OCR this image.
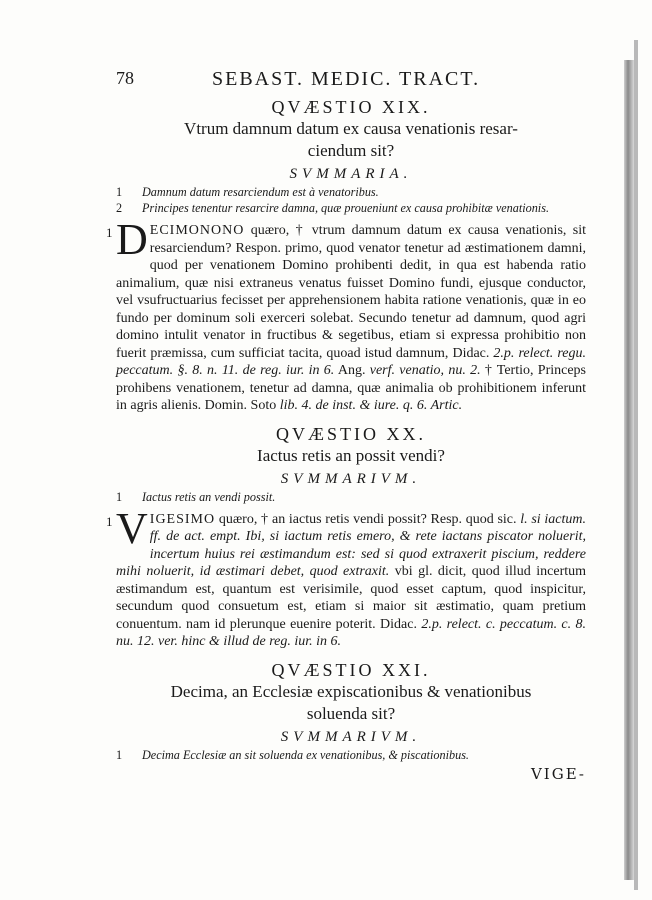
78	SEBAST. MEDIC. TRACT.
QVÆSTIO XIX.
Vtrum damnum datum ex causa venationis resar-
ciendum sit?
SVMMARIA.
1 Damnum datum resarciendum est à venatoribus.
2 Principes tenentur resarcire damna, quæ proueniunt ex causa prohibitæ venationis.
1 D ECIMONONO quæro, † vtrum damnum datum ex causa venationis, sit resarciendum? Respon. primo, quod venator tenetur ad æstimationem damni, quod per venationem Domino prohibenti dedit, in qua est habenda ratio animalium, quæ nisi extraneus venatus fuisset Domino fundi, ejusque conductor, vel vsufructuarius fecisset per apprehensionem habita ratione venationis, quæ in eo fundo per dominum soli exerceri solebat. Secundo tenetur ad damnum, quod agri domino intulit venator in fructibus & segetibus, etiam si expressa prohibitio non fuerit præmissa, cum sufficiat tacita, quoad istud damnum, Didac. 2.p. relect. regu. peccatum. §. 8. n. 11. de reg. iur. in 6. Ang. verf. venatio, nu. 2. † Tertio, Princeps prohibens venationem, tenetur ad damna, quæ animalia ob prohibitionem inferunt in agris alienis. Domin. Soto lib. 4. de inst. & iure. q. 6. Artic.
QVÆSTIO XX.
Iactus retis an possit vendi?
SVMMARIVM.
1 Iactus retis an vendi possit.
1 V IGESIMO quæro, † an iactus retis vendi possit? Resp. quod sic. l. si iactum. ff. de act. empt. Ibi, si iactum retis emero, & rete iactans piscator noluerit, incertum huius rei æstimandum est: sed si quod extraxerit piscium, reddere mihi noluerit, id æstimari debet, quod extraxit. vbi gl. dicit, quod illud incertum æstimandum est, quantum est verisimile, quod esset captum, quod inspicitur, secundum quod consuetum est, etiam si maior sit æstimatio, quam pretium conuentum. nam id plerunque euenire poterit. Didac. 2.p. relect. c. peccatum. c. 8. nu. 12. ver. hinc & illud de reg. iur. in 6.
QVÆSTIO XXI.
Decima, an Ecclesiæ expiscationibus & venationibus
soluenda sit?
SVMMARIVM.
1 Decima Ecclesiæ an sit soluenda ex venationibus, & piscationibus.
VIGE-
